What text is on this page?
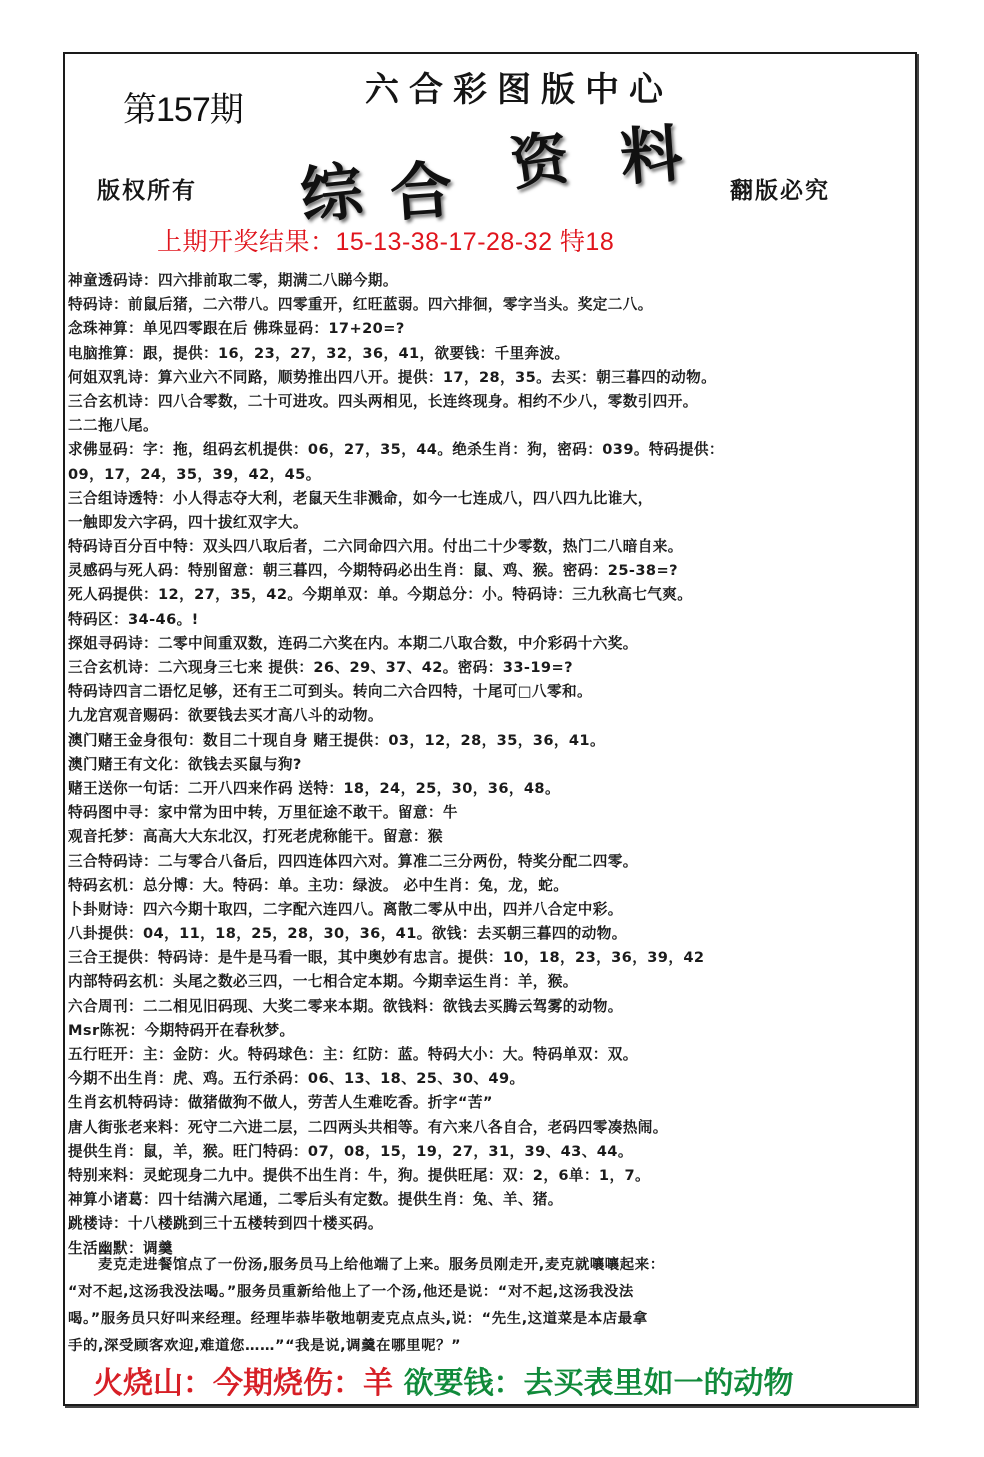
第157期	六合彩图版中心
综 合 资 料
版权所有	翻版必究
上期开奖结果：15-13-38-17-28-32 特18
神童透码诗：四六排前取二零，期满二八睇今期。
特码诗：前鼠后猪，二六带八。四零重开，红旺蓝弱。四六排徊，零字当头。奖定二八。
念珠神算：单见四零跟在后 佛珠显码：17+20=?
电脑推算：跟，提供：16，23，27，32，36，41，欲要钱：千里奔波。
何姐双乳诗：算六业六不同路，顺势推出四八开。提供：17，28，35。去买：朝三暮四的动物。
三合玄机诗：四八合零数，二十可进攻。四头两相见，长连终现身。相约不少八，零数引四开。
二二拖八尾。
求佛显码：字：拖，组码玄机提供：06，27，35，44。绝杀生肖：狗，密码：039。特码提供：
09，17，24，35，39，42，45。
三合组诗透特：小人得志夺大利，老鼠天生非溅命，如今一七连成八，四八四九比谁大，
一触即发六字码，四十拔红双字大。
特码诗百分百中特：双头四八取后者，二六同命四六用。付出二十少零数，热门二八暗自来。
灵感码与死人码：特别留意：朝三暮四，今期特码必出生肖：鼠、鸡、猴。密码：25-38=?
死人码提供：12，27，35，42。今期单双：单。今期总分：小。特码诗：三九秋高七气爽。
特码区：34-46。!
探姐寻码诗：二零中间重双数，连码二六奖在内。本期二八取合数，中介彩码十六奖。
三合玄机诗：二六现身三七来 提供：26、29、37、42。密码：33-19=?
特码诗四言二语忆足够，还有王二可到头。转向二六合四特，十尾可□八零和。
九龙宫观音赐码：欲要钱去买才高八斗的动物。
澳门赌王金身很句：数目二十现自身 赌王提供：03，12，28，35，36，41。
澳门赌王有文化：欲钱去买鼠与狗?
赌王送你一句话：二开八四来作码 送特：18，24，25，30，36，48。
特码图中寻：家中常为田中转，万里征途不敢干。留意：牛
观音托梦：高高大大东北汉，打死老虎称能干。留意：猴
三合特码诗：二与零合八备后，四四连体四六对。算准二三分两份，特奖分配二四零。
特码玄机：总分博：大。特码：单。主功：绿波。 必中生肖：兔，龙，蛇。
卜卦财诗：四六今期十取四，二字配六连四八。离散二零从中出，四并八合定中彩。
八卦提供：04，11，18，25，28，30，36，41。欲钱：去买朝三暮四的动物。
三合王提供：特码诗：是牛是马看一眼，其中奥妙有忠言。提供：10，18，23，36，39，42
内部特码玄机：头尾之数必三四，一七相合定本期。今期幸运生肖：羊，猴。
六合周刊：二二相见旧码现、大奖二零来本期。欲钱料：欲钱去买腾云驾雾的动物。
Msr陈祝：今期特码开在春秋梦。
五行旺开：主：金防：火。特码球色：主：红防：蓝。特码大小：大。特码单双：双。
今期不出生肖：虎、鸡。五行杀码：06、13、18、25、30、49。
生肖玄机特码诗：做猪做狗不做人，劳苦人生难吃香。折字“苦”
唐人街张老来料：死守二六进二层，二四两头共相等。有六来八各自合，老码四零凑热闹。
提供生肖：鼠，羊，猴。旺门特码：07，08，15，19，27，31，39、43、44。
特别来料：灵蛇现身二九中。提供不出生肖：牛，狗。提供旺尾：双：2，6单：1，7。
神算小诸葛：四十结满六尾通，二零后头有定数。提供生肖：兔、羊、猪。
跳楼诗：十八楼跳到三十五楼转到四十楼买码。
生活幽默：调羹
　　麦克走进餐馆点了一份汤,服务员马上给他端了上来。服务员刚走开,麦克就嚷嚷起来：
“对不起,这汤我没法喝。”服务员重新给他上了一个汤,他还是说：“对不起,这汤我没法
喝。”服务员只好叫来经理。经理毕恭毕敬地朝麦克点点头,说：“先生,这道菜是本店最拿
手的,深受顾客欢迎,难道您……”“我是说,调羹在哪里呢？”
火烧山：今期烧伤：羊 欲要钱：去买表里如一的动物
